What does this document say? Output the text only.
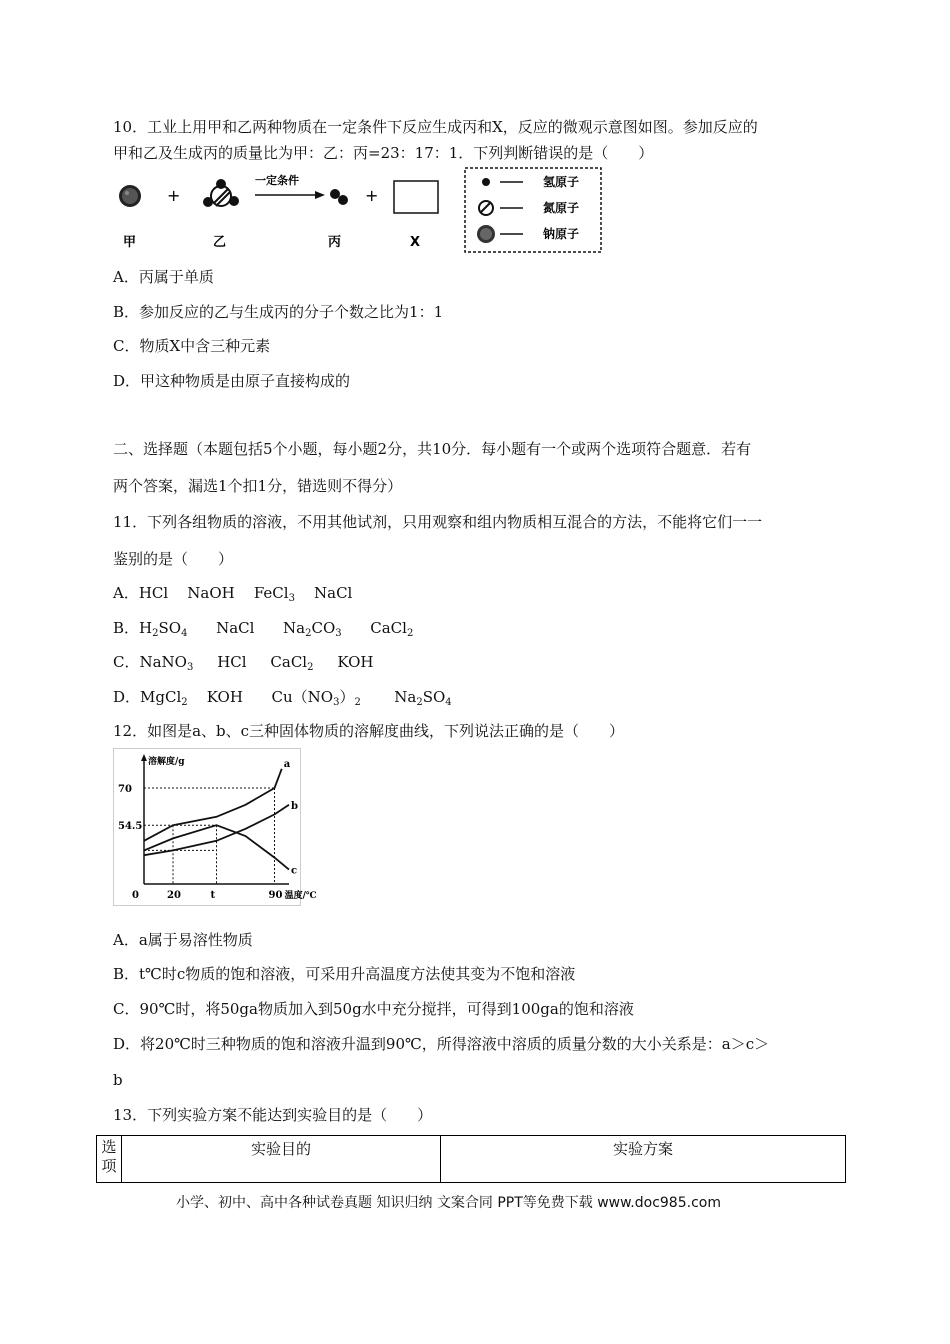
10．工业上用甲和乙两种物质在一定条件下反应生成丙和X，反应的微观示意图如图。参加反应的
甲和乙及生成丙的质量比为甲：乙：丙=23：17：1．下列判断错误的是（　　）
+
一定条件
+
甲	乙	丙	X
氢原子
氮原子
钠原子
A．丙属于单质
B．参加反应的乙与生成丙的分子个数之比为1：1
C．物质X中含三种元素
D．甲这种物质是由原子直接构成的
二、选择题（本题包括5个小题，每小题2分，共10分．每小题有一个或两个选项符合题意．若有
两个答案，漏选1个扣1分，错选则不得分）
11．下列各组物质的溶液，不用其他试剂，只用观察和组内物质相互混合的方法，不能将它们一一
鉴别的是（　　）
A．HCl NaOH FeCl$_3$ NaCl
B．$H_2SO_4$ NaCl $Na_2CO_3$ CaCl$_2$
C．NaNO$_3$ HCl CaCl$_2$ KOH
D．MgCl$_2$ KOH $Cu(NO_3)_2$ $Na_2SO_4$
12．如图是a、b、c三种固体物质的溶解度曲线，下列说法正确的是（　　）
溶解度/g
温度/℃
70
54.5
0	20	t	90
a
b
c
A．a属于易溶性物质
B．t℃时c物质的饱和溶液，可采用升高温度方法使其变为不饱和溶液
C．90℃时，将50ga物质加入到50g水中充分搅拌，可得到100ga的饱和溶液
D．将20℃时三种物质的饱和溶液升温到90℃，所得溶液中溶质的质量分数的大小关系是：a＞c＞
b
13．下列实验方案不能达到实验目的是（　　）
选项	实验目的	实验方案
小学、初中、高中各种试卷真题 知识归纳 文案合同 PPT等免费下载 www.doc985.com
